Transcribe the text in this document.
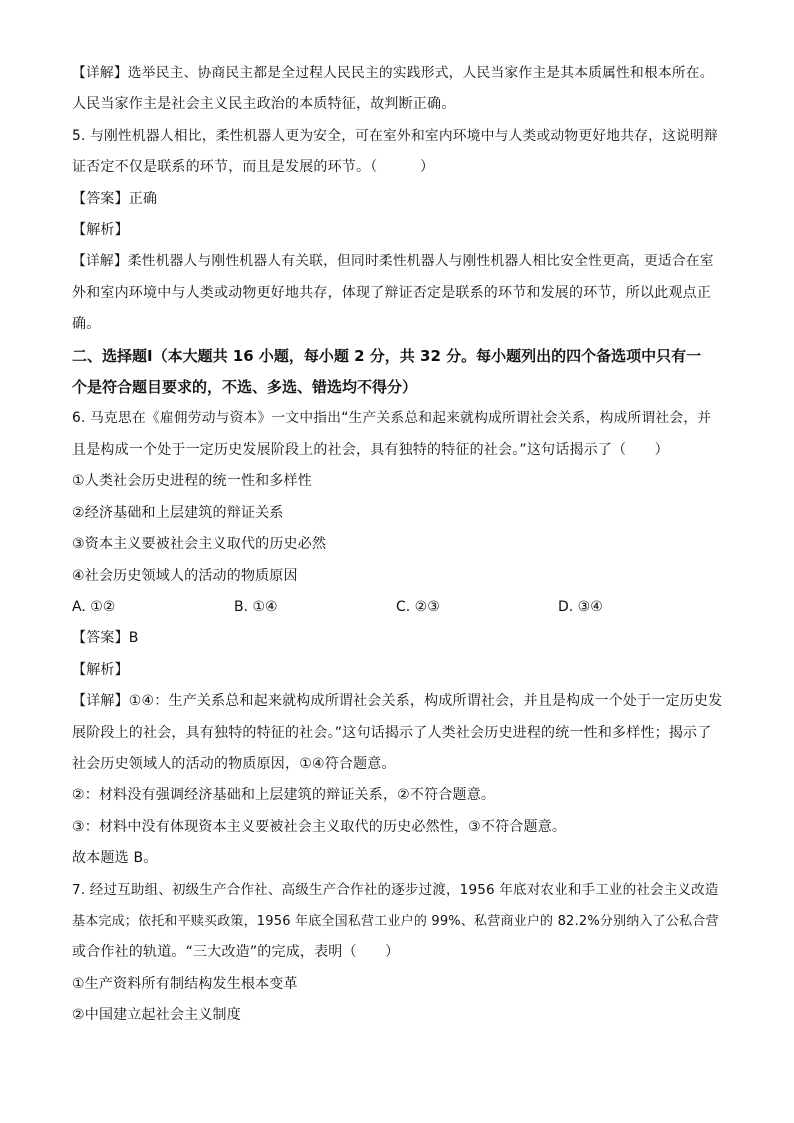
【详解】选举民主、协商民主都是全过程人民民主的实践形式，人民当家作主是其本质属性和根本所在。
人民当家作主是社会主义民主政治的本质特征，故判断正确。
5. 与刚性机器人相比，柔性机器人更为安全，可在室外和室内环境中与人类或动物更好地共存，这说明辩
证否定不仅是联系的环节，而且是发展的环节。（　　　）
【答案】正确
【解析】
【详解】柔性机器人与刚性机器人有关联，但同时柔性机器人与刚性机器人相比安全性更高，更适合在室
外和室内环境中与人类或动物更好地共存，体现了辩证否定是联系的环节和发展的环节，所以此观点正
确。
二、选择题Ⅰ（本大题共 16 小题，每小题 2 分，共 32 分。每小题列出的四个备选项中只有一
个是符合题目要求的，不选、多选、错选均不得分）
6. 马克思在《雇佣劳动与资本》一文中指出“生产关系总和起来就构成所谓社会关系，构成所谓社会，并
且是构成一个处于一定历史发展阶段上的社会，具有独特的特征的社会。”这句话揭示了（　　）
①人类社会历史进程的统一性和多样性
②经济基础和上层建筑的辩证关系
③资本主义要被社会主义取代的历史必然
④社会历史领域人的活动的物质原因
A. ①②	B. ①④	C. ②③	D. ③④
【答案】B
【解析】
【详解】①④：生产关系总和起来就构成所谓社会关系，构成所谓社会，并且是构成一个处于一定历史发
展阶段上的社会，具有独特的特征的社会。”这句话揭示了人类社会历史进程的统一性和多样性；揭示了
社会历史领域人的活动的物质原因，①④符合题意。
②：材料没有强调经济基础和上层建筑的辩证关系，②不符合题意。
③：材料中没有体现资本主义要被社会主义取代的历史必然性，③不符合题意。
故本题选 B。
7. 经过互助组、初级生产合作社、高级生产合作社的逐步过渡，1956 年底对农业和手工业的社会主义改造
基本完成；依托和平赎买政策，1956 年底全国私营工业户的 99%、私营商业户的 82.2%分别纳入了公私合营
或合作社的轨道。“三大改造”的完成，表明（　　）
①生产资料所有制结构发生根本变革
②中国建立起社会主义制度
